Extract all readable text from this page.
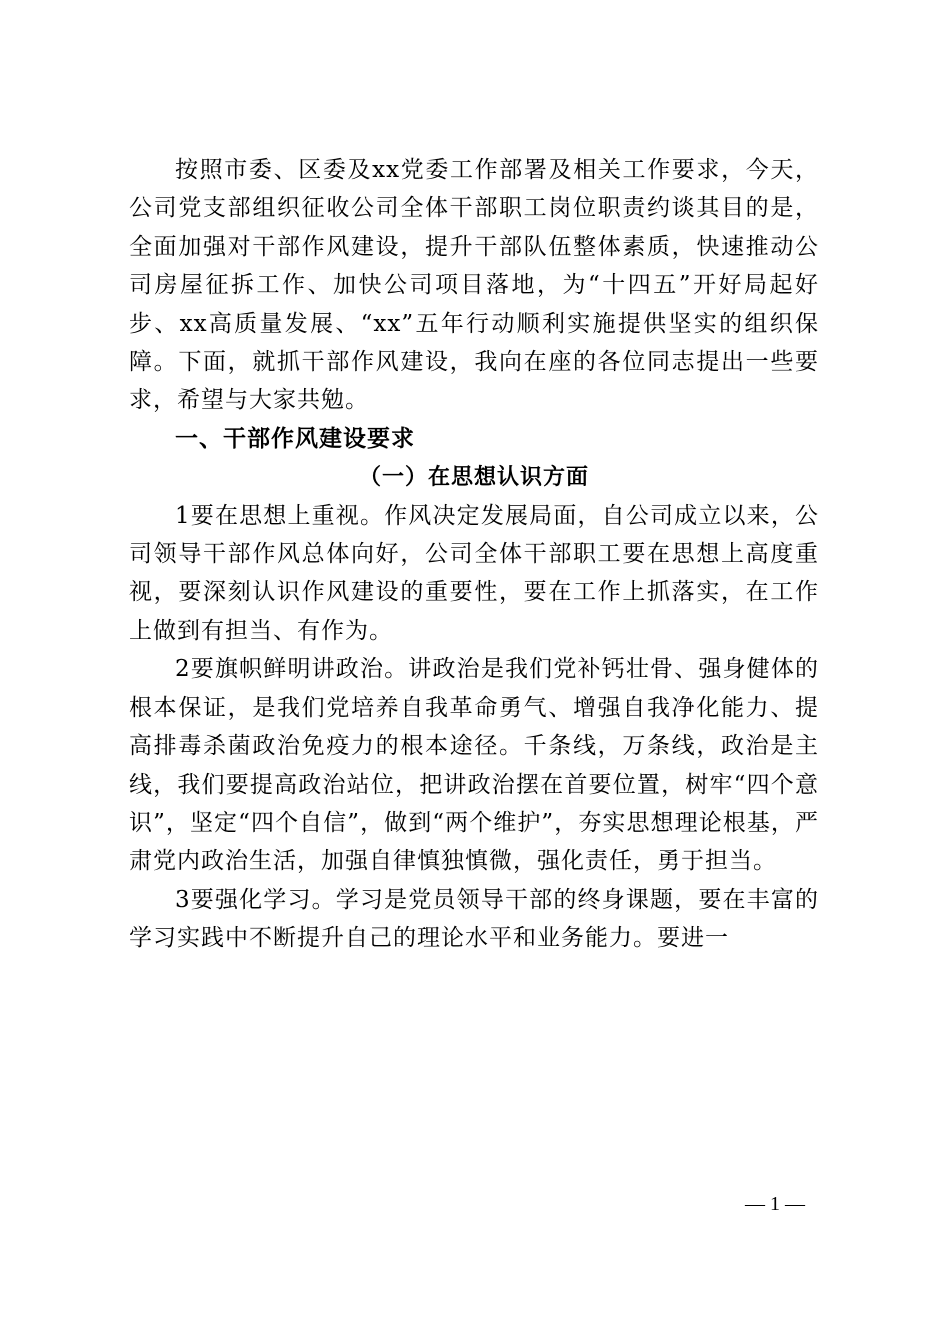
按照市委、区委及xx党委工作部署及相关工作要求，今天，公司党支部组织征收公司全体干部职工岗位职责约谈其目的是，全面加强对干部作风建设，提升干部队伍整体素质，快速推动公司房屋征拆工作、加快公司项目落地，为“十四五”开好局起好步、xx高质量发展、“xx”五年行动顺利实施提供坚实的组织保障。下面，就抓干部作风建设，我向在座的各位同志提出一些要求，希望与大家共勉。

一、干部作风建设要求

（一）在思想认识方面

1要在思想上重视。作风决定发展局面，自公司成立以来，公司领导干部作风总体向好，公司全体干部职工要在思想上高度重视，要深刻认识作风建设的重要性，要在工作上抓落实，在工作上做到有担当、有作为。

2要旗帜鲜明讲政治。讲政治是我们党补钙壮骨、强身健体的根本保证，是我们党培养自我革命勇气、增强自我净化能力、提高排毒杀菌政治免疫力的根本途径。千条线，万条线，政治是主线，我们要提高政治站位，把讲政治摆在首要位置，树牢“四个意识”，坚定“四个自信”，做到“两个维护”，夯实思想理论根基，严肃党内政治生活，加强自律慎独慎微，强化责任，勇于担当。

3要强化学习。学习是党员领导干部的终身课题，要在丰富的学习实践中不断提升自己的理论水平和业务能力。要进一

— 1 —
